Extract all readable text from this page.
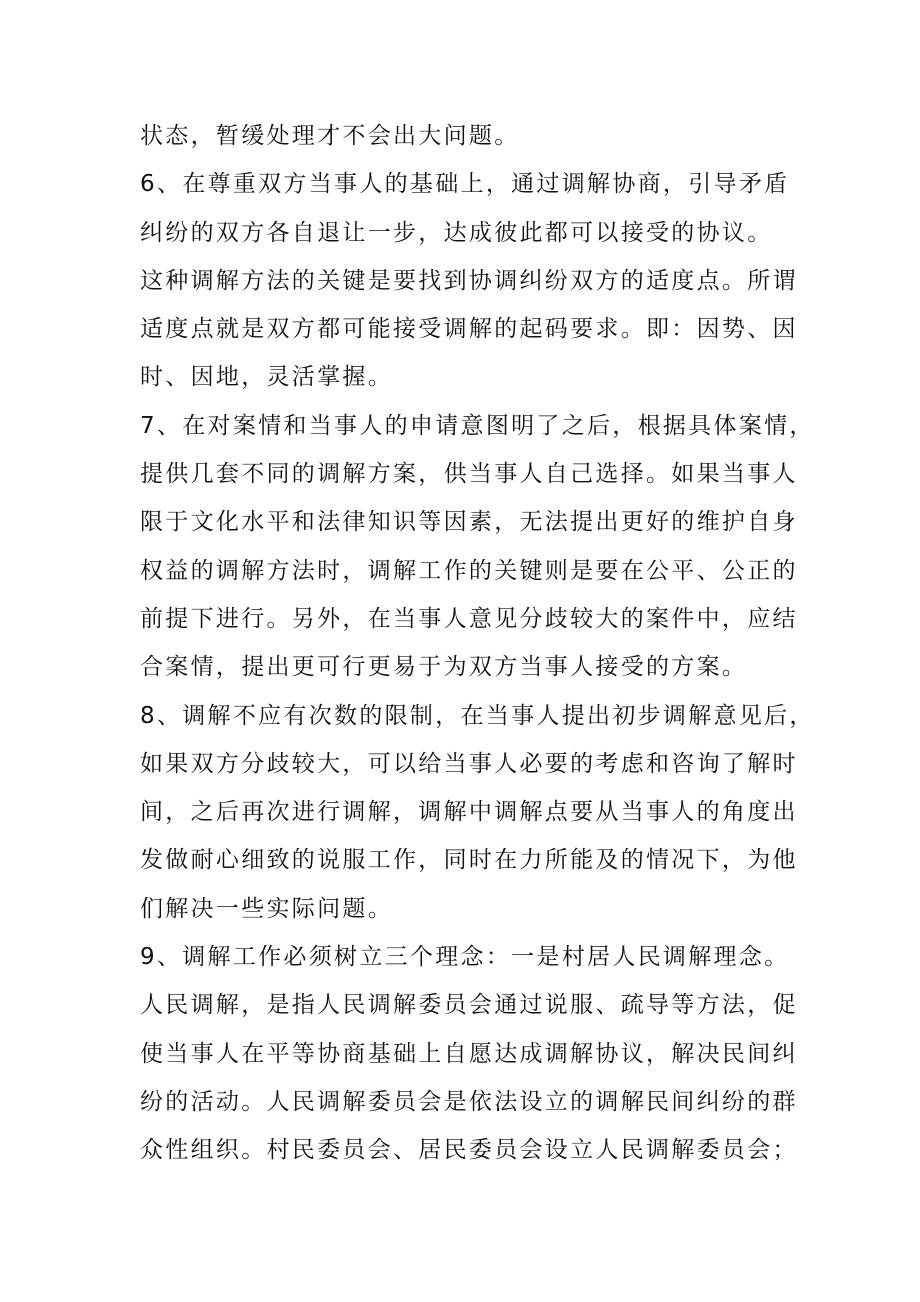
状态，暂缓处理才不会出大问题。
6、在尊重双方当事人的基础上，通过调解协商，引导矛盾
纠纷的双方各自退让一步，达成彼此都可以接受的协议。
这种调解方法的关键是要找到协调纠纷双方的适度点。所谓
适度点就是双方都可能接受调解的起码要求。即：因势、因
时、因地，灵活掌握。
7、在对案情和当事人的申请意图明了之后，根据具体案情，
提供几套不同的调解方案，供当事人自己选择。如果当事人
限于文化水平和法律知识等因素，无法提出更好的维护自身
权益的调解方法时，调解工作的关键则是要在公平、公正的
前提下进行。另外，在当事人意见分歧较大的案件中，应结
合案情，提出更可行更易于为双方当事人接受的方案。
8、调解不应有次数的限制，在当事人提出初步调解意见后，
如果双方分歧较大，可以给当事人必要的考虑和咨询了解时
间，之后再次进行调解，调解中调解点要从当事人的角度出
发做耐心细致的说服工作，同时在力所能及的情况下，为他
们解决一些实际问题。
9、调解工作必须树立三个理念：一是村居人民调解理念。
人民调解，是指人民调解委员会通过说服、疏导等方法，促
使当事人在平等协商基础上自愿达成调解协议，解决民间纠
纷的活动。人民调解委员会是依法设立的调解民间纠纷的群
众性组织。村民委员会、居民委员会设立人民调解委员会；
